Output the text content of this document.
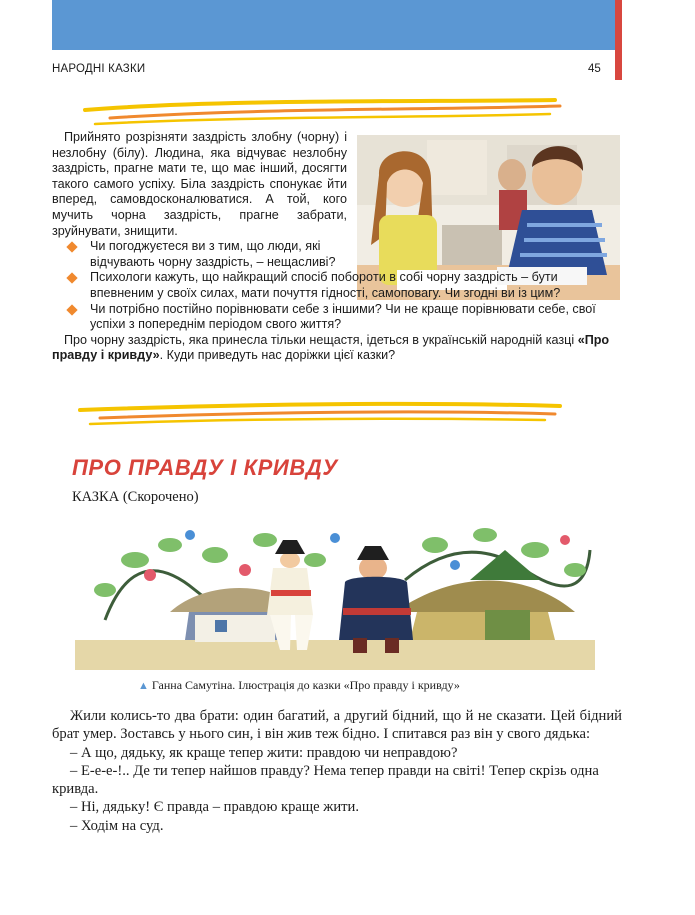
НАРОДНІ КАЗКИ	45

Прийнято розрізняти заздрість злобну (чорну) і незлобну (білу). Людина, яка відчуває незлобну заздрість, прагне мати те, що має інший, досягти такого самого успіху. Біла заздрість спонукає йти вперед, самовдосконалюватися. А той, кого мучить чорна заздрість, прагне забрати, зруйнувати, знищити.

Чи погоджуєтеся ви з тим, що люди, які відчувають чорну заздрість, – нещасливі?

Психологи кажуть, що найкращий спосіб поборoти в собі чорну заздрість – бути впевненим у своїх силах, мати почуття гідності, самоповагу. Чи згодні ви із цим?

Чи потрібно постійно порівнювати себе з іншими? Чи не краще порівнювати себе, свої успіхи з попереднім періодом свого життя?

Про чорну заздрість, яка принесла тільки нещастя, ідеться в українській народній казці «Про правду і кривду». Куди приведуть нас доріжки цієї казки?

ПРО ПРАВДУ І КРИВДУ
КАЗКА (Скорочено)
▲ Ганна Самутіна. Ілюстрація до казки «Про правду і кривду»

Жили колись-то два брати: один багатий, а другий бідний, що й не сказати. Цей бідний брат умер. Зоставсь у нього син, і він жив теж бідно. І спитався раз він у свого дядька:

– А що, дядьку, як краще тепер жити: правдою чи неправдою?

– Е-е-е-!.. Де ти тепер найшов правду? Нема тепер правди на світі! Тепер скрізь одна кривда.

– Ні, дядьку! Є правда – правдою краще жити.

– Ходім на суд.
